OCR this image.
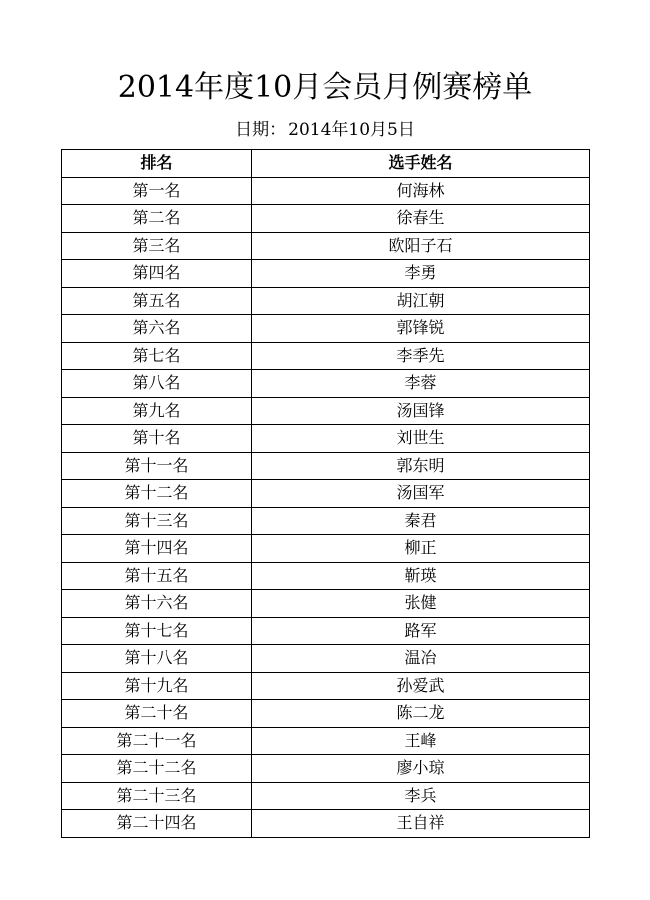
2014年度10月会员月例赛榜单
日期： 2014年10月5日
排名	选手姓名
第一名	何海林
第二名	徐春生
第三名	欧阳子石
第四名	李勇
第五名	胡江朝
第六名	郭锋锐
第七名	李季先
第八名	李蓉
第九名	汤国锋
第十名	刘世生
第十一名	郭东明
第十二名	汤国军
第十三名	秦君
第十四名	柳正
第十五名	靳瑛
第十六名	张健
第十七名	路军
第十八名	温冶
第十九名	孙爱武
第二十名	陈二龙
第二十一名	王峰
第二十二名	廖小琼
第二十三名	李兵
第二十四名	王自祥
